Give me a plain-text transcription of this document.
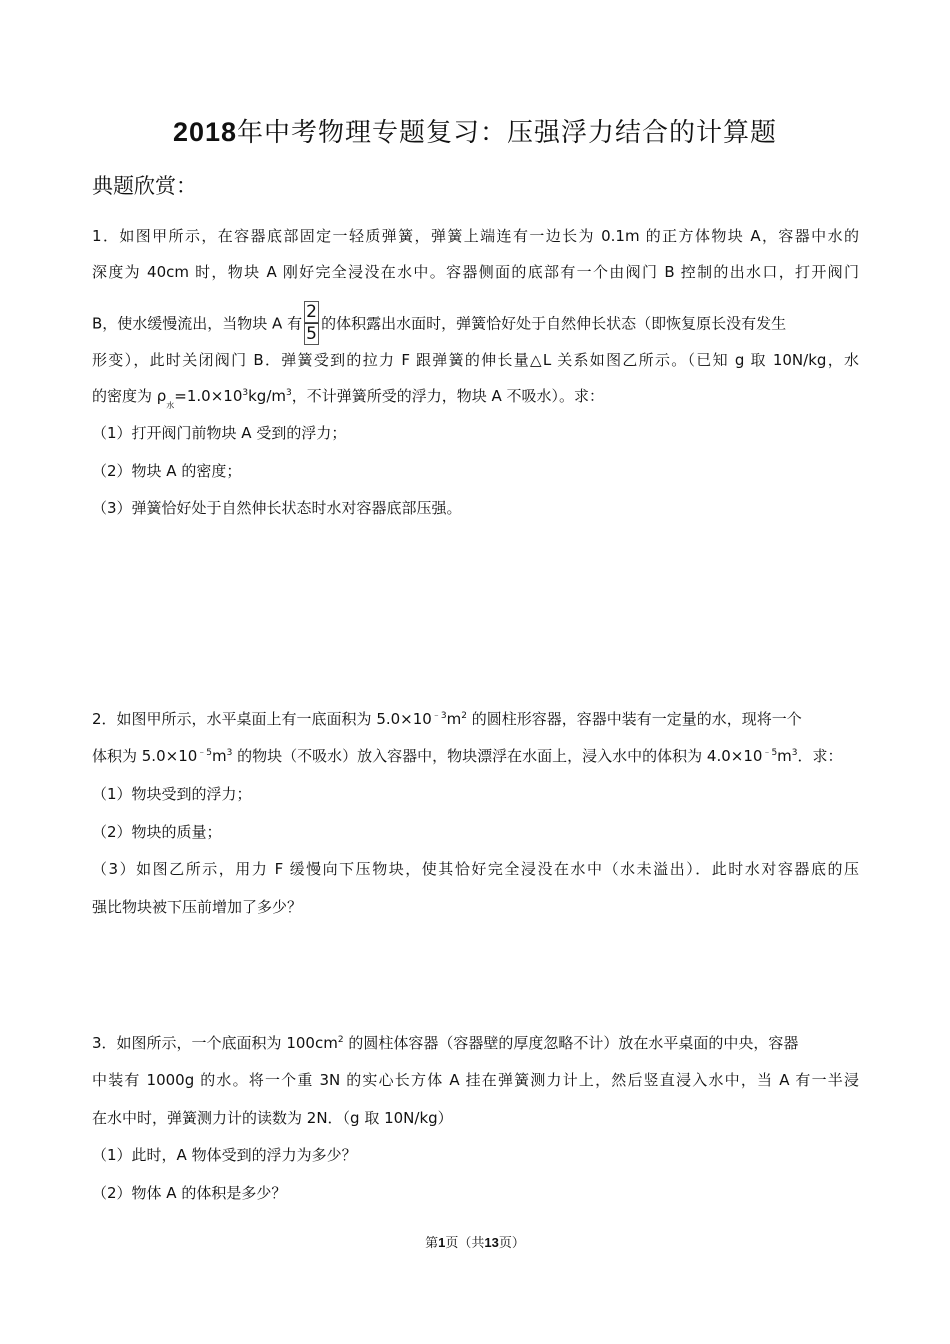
2018年中考物理专题复习：压强浮力结合的计算题
典题欣赏：
1．如图甲所示，在容器底部固定一轻质弹簧，弹簧上端连有一边长为 0.1m 的正方体物块 A，容器中水的
深度为 40cm 时，物块 A 刚好完全浸没在水中。容器侧面的底部有一个由阀门 B 控制的出水口，打开阀门
B，使水缓慢流出，当物块 A 有 $\frac{2}{5}$ 的体积露出水面时，弹簧恰好处于自然伸长状态（即恢复原长没有发生
形变），此时关闭阀门 B．弹簧受到的拉力 F 跟弹簧的伸长量△L 关系如图乙所示。（已知 g 取 10N/kg，水
的密度为 $\rho_水=1.0\times 10^3kg/m^3$，不计弹簧所受的浮力，物块 A 不吸水）。求：
（1）打开阀门前物块 A 受到的浮力；
（2）物块 A 的密度；
（3）弹簧恰好处于自然伸长状态时水对容器底部压强。
2．如图甲所示，水平桌面上有一底面积为 $5.0\times 10^{﹣3}m^2$ 的圆柱形容器，容器中装有一定量的水，现将一个
体积为 $5.0\times 10^{﹣5}m^3$ 的物块（不吸水）放入容器中，物块漂浮在水面上，浸入水中的体积为 $4.0\times 10^{﹣5}m^3$．求：
（1）物块受到的浮力；
（2）物块的质量；
（3）如图乙所示，用力 F 缓慢向下压物块，使其恰好完全浸没在水中（水未溢出）．此时水对容器底的压
强比物块被下压前增加了多少？
3．如图所示，一个底面积为 $100cm^2$ 的圆柱体容器（容器壁的厚度忽略不计）放在水平桌面的中央，容器
中装有 1000g 的水。将一个重 3N 的实心长方体 A 挂在弹簧测力计上，然后竖直浸入水中，当 A 有一半浸
在水中时，弹簧测力计的读数为 2N．（g 取 10N/kg）
（1）此时，A 物体受到的浮力为多少？
（2）物体 A 的体积是多少？
第1页（共13页）
